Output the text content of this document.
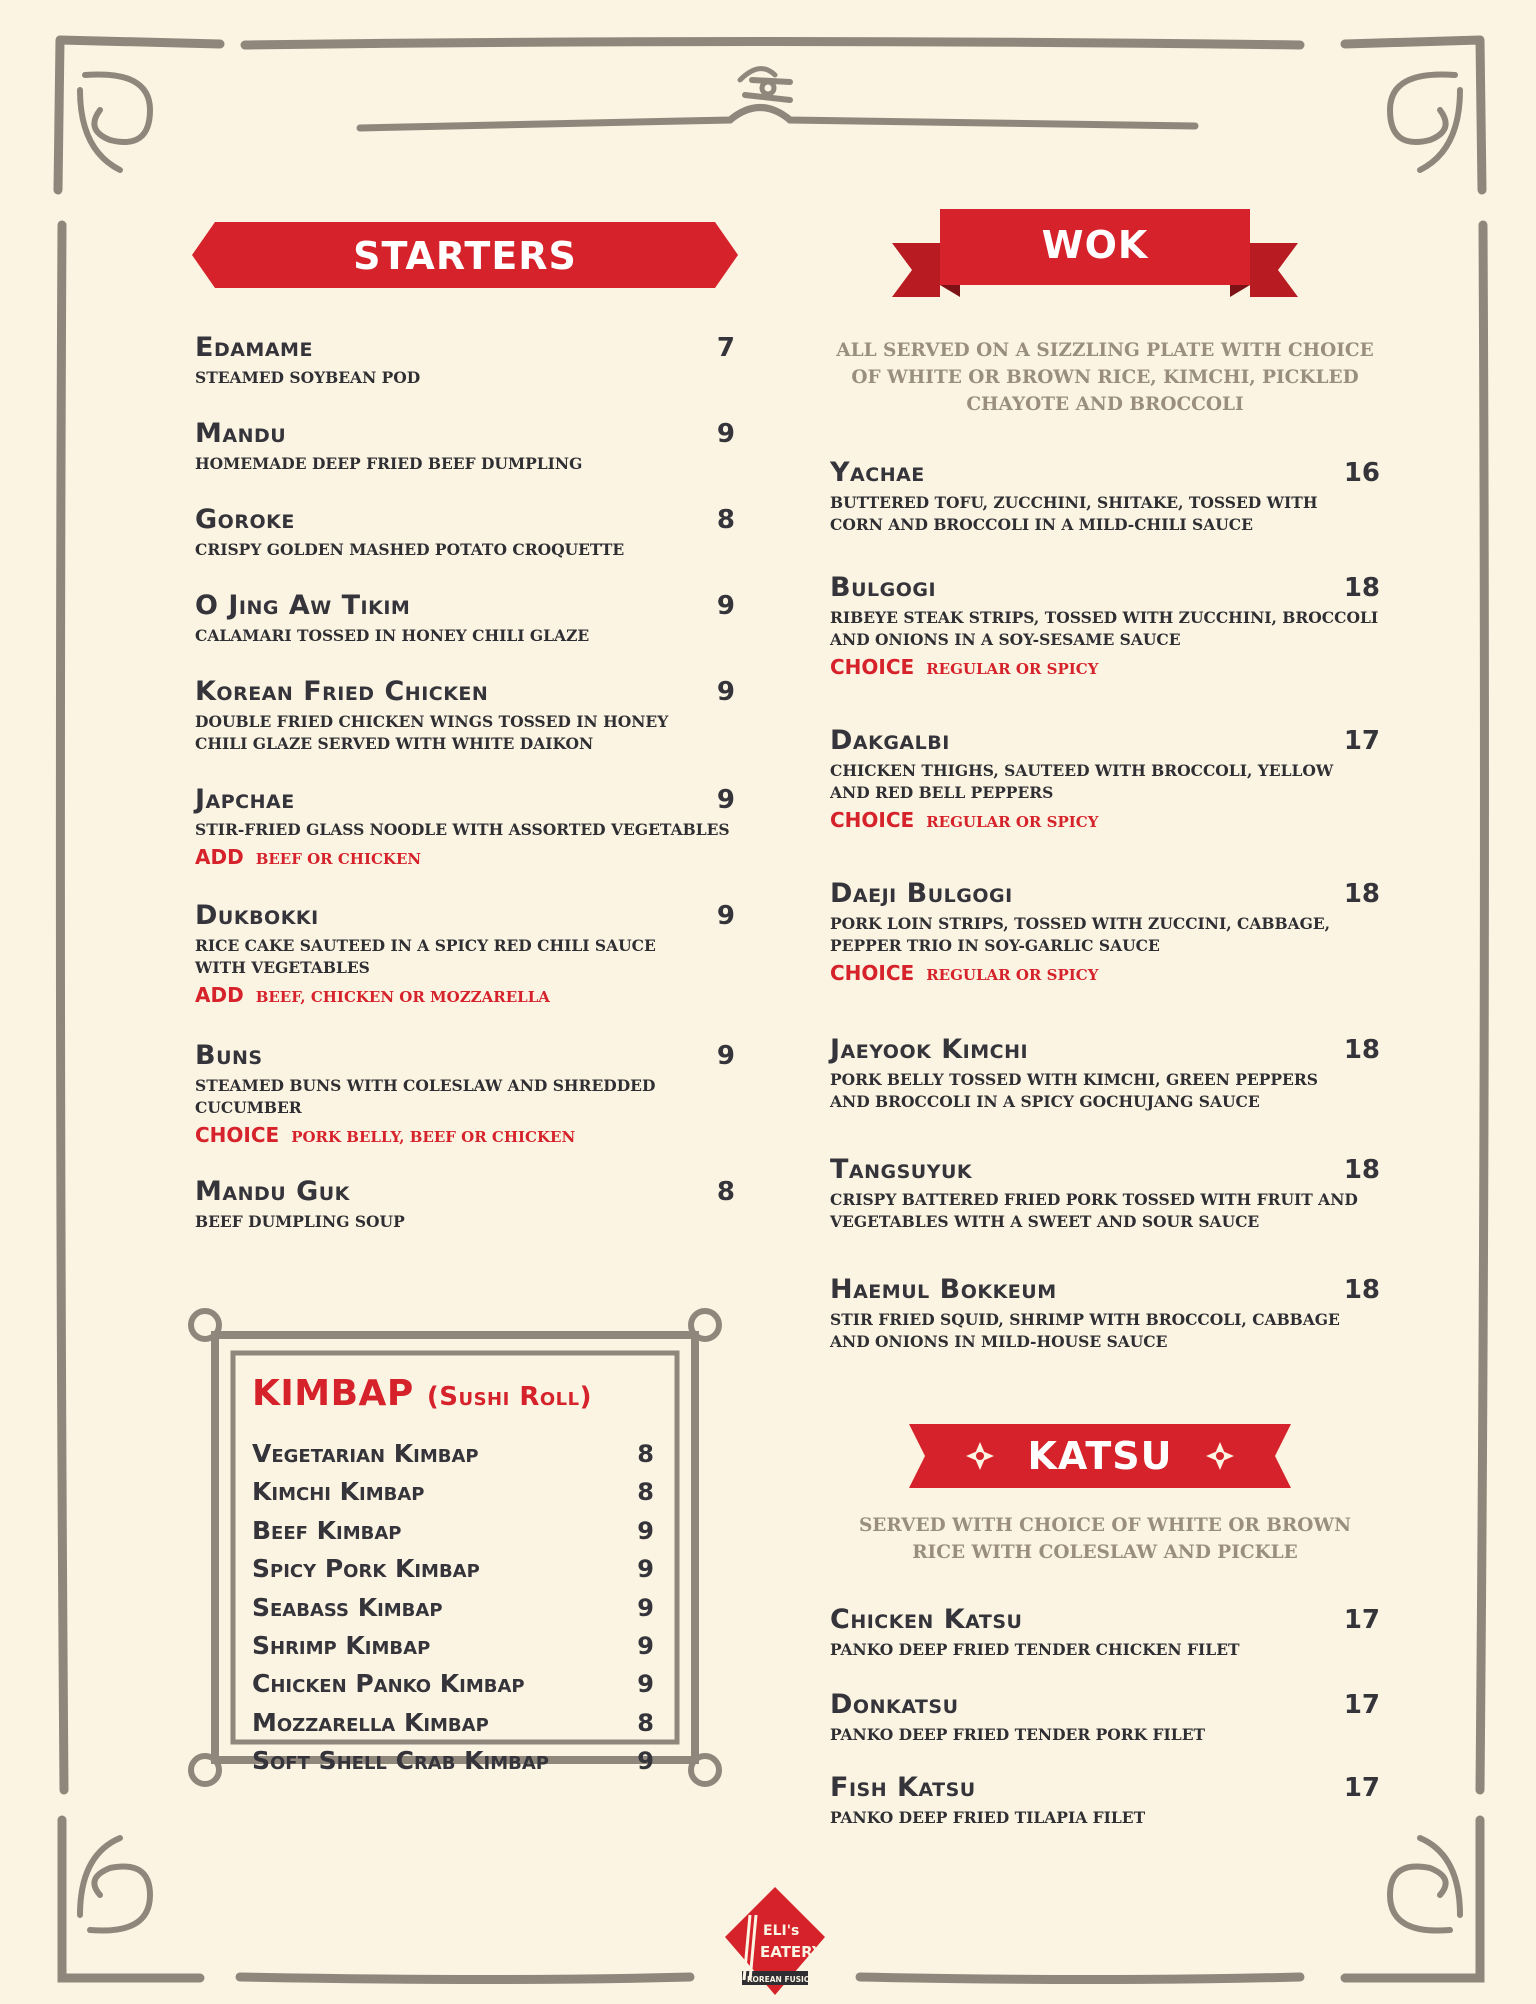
STARTERS
Edamame	7
STEAMED SOYBEAN POD
Mandu	9
HOMEMADE DEEP FRIED BEEF DUMPLING
Goroke	8
CRISPY GOLDEN MASHED POTATO CROQUETTE
O Jing Aw Tikim	9
CALAMARI TOSSED IN HONEY CHILI GLAZE
Korean Fried Chicken	9
DOUBLE FRIED CHICKEN WINGS TOSSED IN HONEY CHILI GLAZE SERVED WITH WHITE DAIKON
Japchae	9
STIR-FRIED GLASS NOODLE WITH ASSORTED VEGETABLES
ADD BEEF OR CHICKEN
Dukbokki	9
RICE CAKE SAUTEED IN A SPICY RED CHILI SAUCE WITH VEGETABLES
ADD BEEF, CHICKEN OR MOZZARELLA
Buns	9
STEAMED BUNS WITH COLESLAW AND SHREDDED CUCUMBER
CHOICE PORK BELLY, BEEF OR CHICKEN
Mandu Guk	8
BEEF DUMPLING SOUP
KIMBAP (Sushi Roll)
Vegetarian Kimbap	8
Kimchi Kimbap	8
Beef Kimbap	9
Spicy Pork Kimbap	9
Seabass Kimbap	9
Shrimp Kimbap	9
Chicken Panko Kimbap	9
Mozzarella Kimbap	8
Soft Shell Crab Kimbap	9
WOK
ALL SERVED ON A SIZZLING PLATE WITH CHOICE OF WHITE OR BROWN RICE, KIMCHI, PICKLED CHAYOTE AND BROCCOLI
Yachae	16
BUTTERED TOFU, ZUCCHINI, SHITAKE, TOSSED WITH CORN AND BROCCOLI IN A MILD-CHILI SAUCE
Bulgogi	18
RIBEYE STEAK STRIPS, TOSSED WITH ZUCCHINI, BROCCOLI AND ONIONS IN A SOY-SESAME SAUCE
CHOICE REGULAR OR SPICY
Dakgalbi	17
CHICKEN THIGHS, SAUTEED WITH BROCCOLI, YELLOW AND RED BELL PEPPERS
CHOICE REGULAR OR SPICY
Daeji Bulgogi	18
PORK LOIN STRIPS, TOSSED WITH ZUCCINI, CABBAGE, PEPPER TRIO IN SOY-GARLIC SAUCE
CHOICE REGULAR OR SPICY
Jaeyook Kimchi	18
PORK BELLY TOSSED WITH KIMCHI, GREEN PEPPERS AND BROCCOLI IN A SPICY GOCHUJANG SAUCE
Tangsuyuk	18
CRISPY BATTERED FRIED PORK TOSSED WITH FRUIT AND VEGETABLES WITH A SWEET AND SOUR SAUCE
Haemul Bokkeum	18
STIR FRIED SQUID, SHRIMP WITH BROCCOLI, CABBAGE AND ONIONS IN MILD-HOUSE SAUCE
KATSU
SERVED WITH CHOICE OF WHITE OR BROWN RICE WITH COLESLAW AND PICKLE
Chicken Katsu	17
PANKO DEEP FRIED TENDER CHICKEN FILET
Donkatsu	17
PANKO DEEP FRIED TENDER PORK FILET
Fish Katsu	17
PANKO DEEP FRIED TILAPIA FILET
ELI's
EATERY
KOREAN FUSION
